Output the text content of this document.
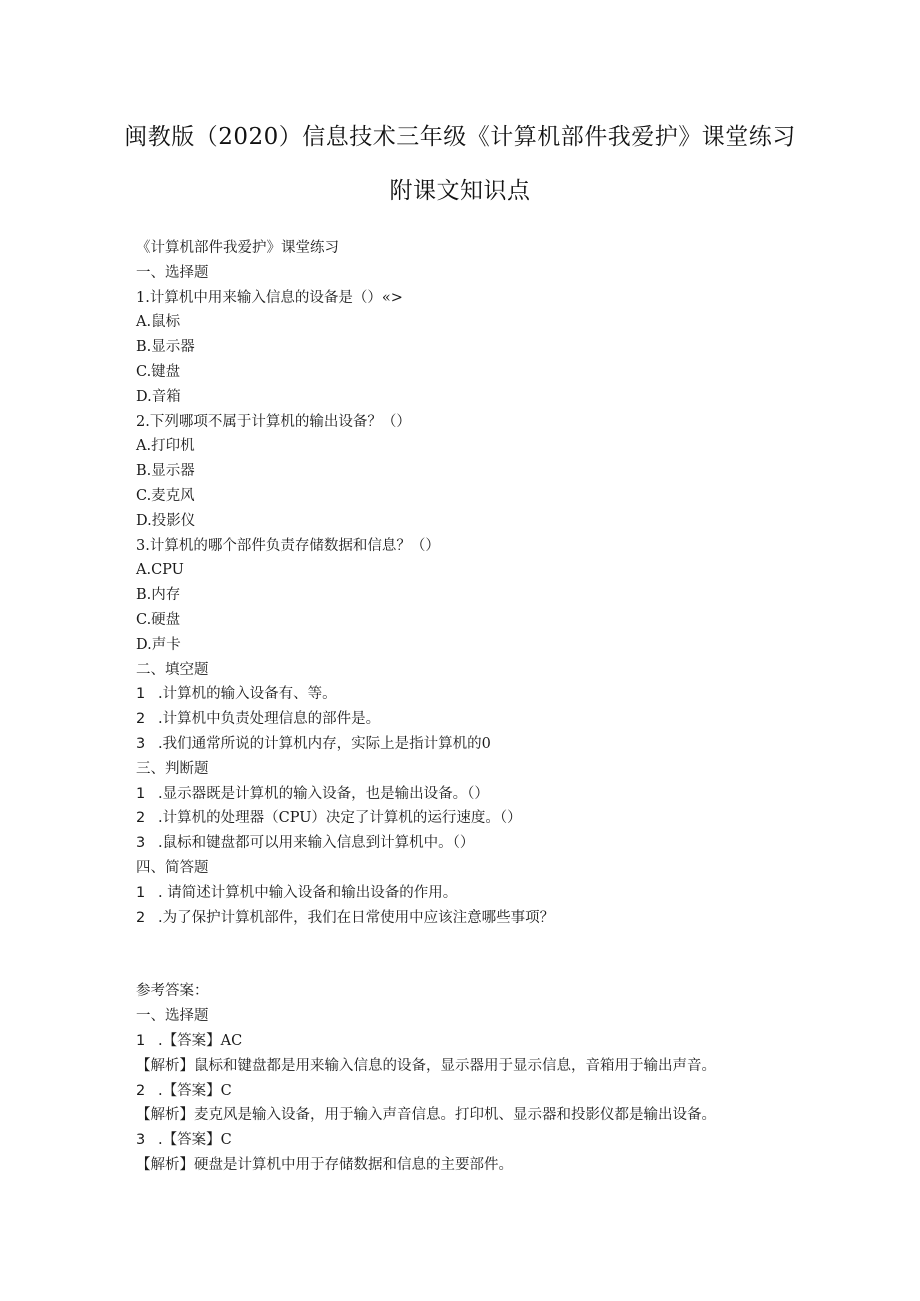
闽教版（2020）信息技术三年级《计算机部件我爱护》课堂练习
附课文知识点
《计算机部件我爱护》课堂练习
一、选择题
1.计算机中用来输入信息的设备是（）«>
A.鼠标
B.显示器
C.键盘
D.音箱
2.下列哪项不属于计算机的输出设备？（）
A.打印机
B.显示器
C.麦克风
D.投影仪
3.计算机的哪个部件负责存储数据和信息？（）
A.CPU
B.内存
C.硬盘
D.声卡
二、填空题
1 .计算机的输入设备有、等。
2 .计算机中负责处理信息的部件是。
3 .我们通常所说的计算机内存，实际上是指计算机的0
三、判断题
1 .显示器既是计算机的输入设备，也是输出设备。（）
2 .计算机的处理器（CPU）决定了计算机的运行速度。（）
3 .鼠标和键盘都可以用来输入信息到计算机中。（）
四、简答题
1 . 请简述计算机中输入设备和输出设备的作用。
2 .为了保护计算机部件，我们在日常使用中应该注意哪些事项？
参考答案：
一、选择题
1 .【答案】AC
【解析】鼠标和键盘都是用来输入信息的设备，显示器用于显示信息，音箱用于输出声音。
2 .【答案】C
【解析】麦克风是输入设备，用于输入声音信息。打印机、显示器和投影仪都是输出设备。
3 .【答案】C
【解析】硬盘是计算机中用于存储数据和信息的主要部件。
